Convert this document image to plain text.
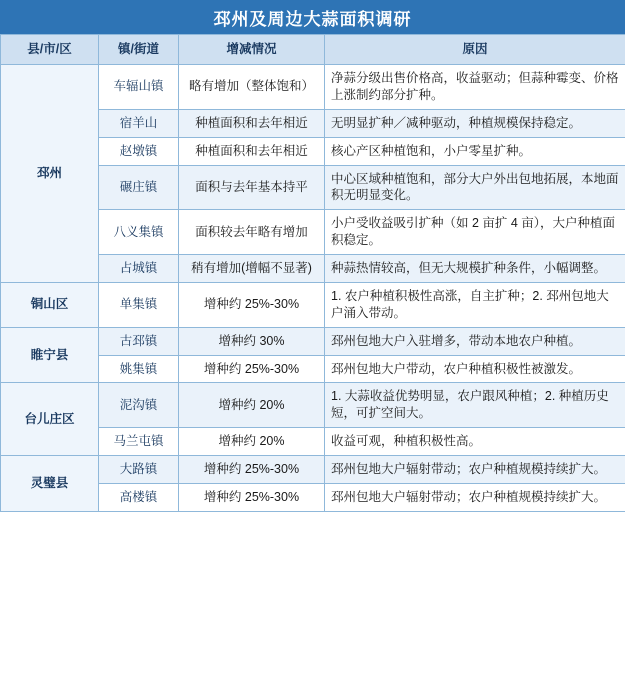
邳州及周边大蒜面积调研
县/市/区	镇/街道	增减情况	原因
邳州	车辐山镇	略有增加（整体饱和）	净蒜分级出售价格高，收益驱动；但蒜种霉变、价格上涨制约部分扩种。
	宿羊山	种植面积和去年相近	无明显扩种／减种驱动，种植规模保持稳定。
	赵墩镇	种植面积和去年相近	核心产区种植饱和，小户零星扩种。
	碾庄镇	面积与去年基本持平	中心区域种植饱和，部分大户外出包地拓展，本地面积无明显变化。
	八义集镇	面积较去年略有增加	小户受收益吸引扩种（如 2 亩扩 4 亩），大户种植面积稳定。
	占城镇	稍有增加(增幅不显著)	种蒜热情较高，但无大规模扩种条件，小幅调整。
铜山区	单集镇	增种约 25%-30%	1. 农户种植积极性高涨，自主扩种；2. 邳州包地大户涌入带动。
睢宁县	古邳镇	增种约 30%	邳州包地大户入驻增多，带动本地农户种植。
	姚集镇	增种约 25%-30%	邳州包地大户带动，农户种植积极性被激发。
台儿庄区	泥沟镇	增种约 20%	1. 大蒜收益优势明显，农户跟风种植；2. 种植历史短，可扩空间大。
	马兰屯镇	增种约 20%	收益可观，种植积极性高。
灵璧县	大路镇	增种约 25%-30%	邳州包地大户辐射带动；农户种植规模持续扩大。
	高楼镇	增种约 25%-30%	邳州包地大户辐射带动；农户种植规模持续扩大。
